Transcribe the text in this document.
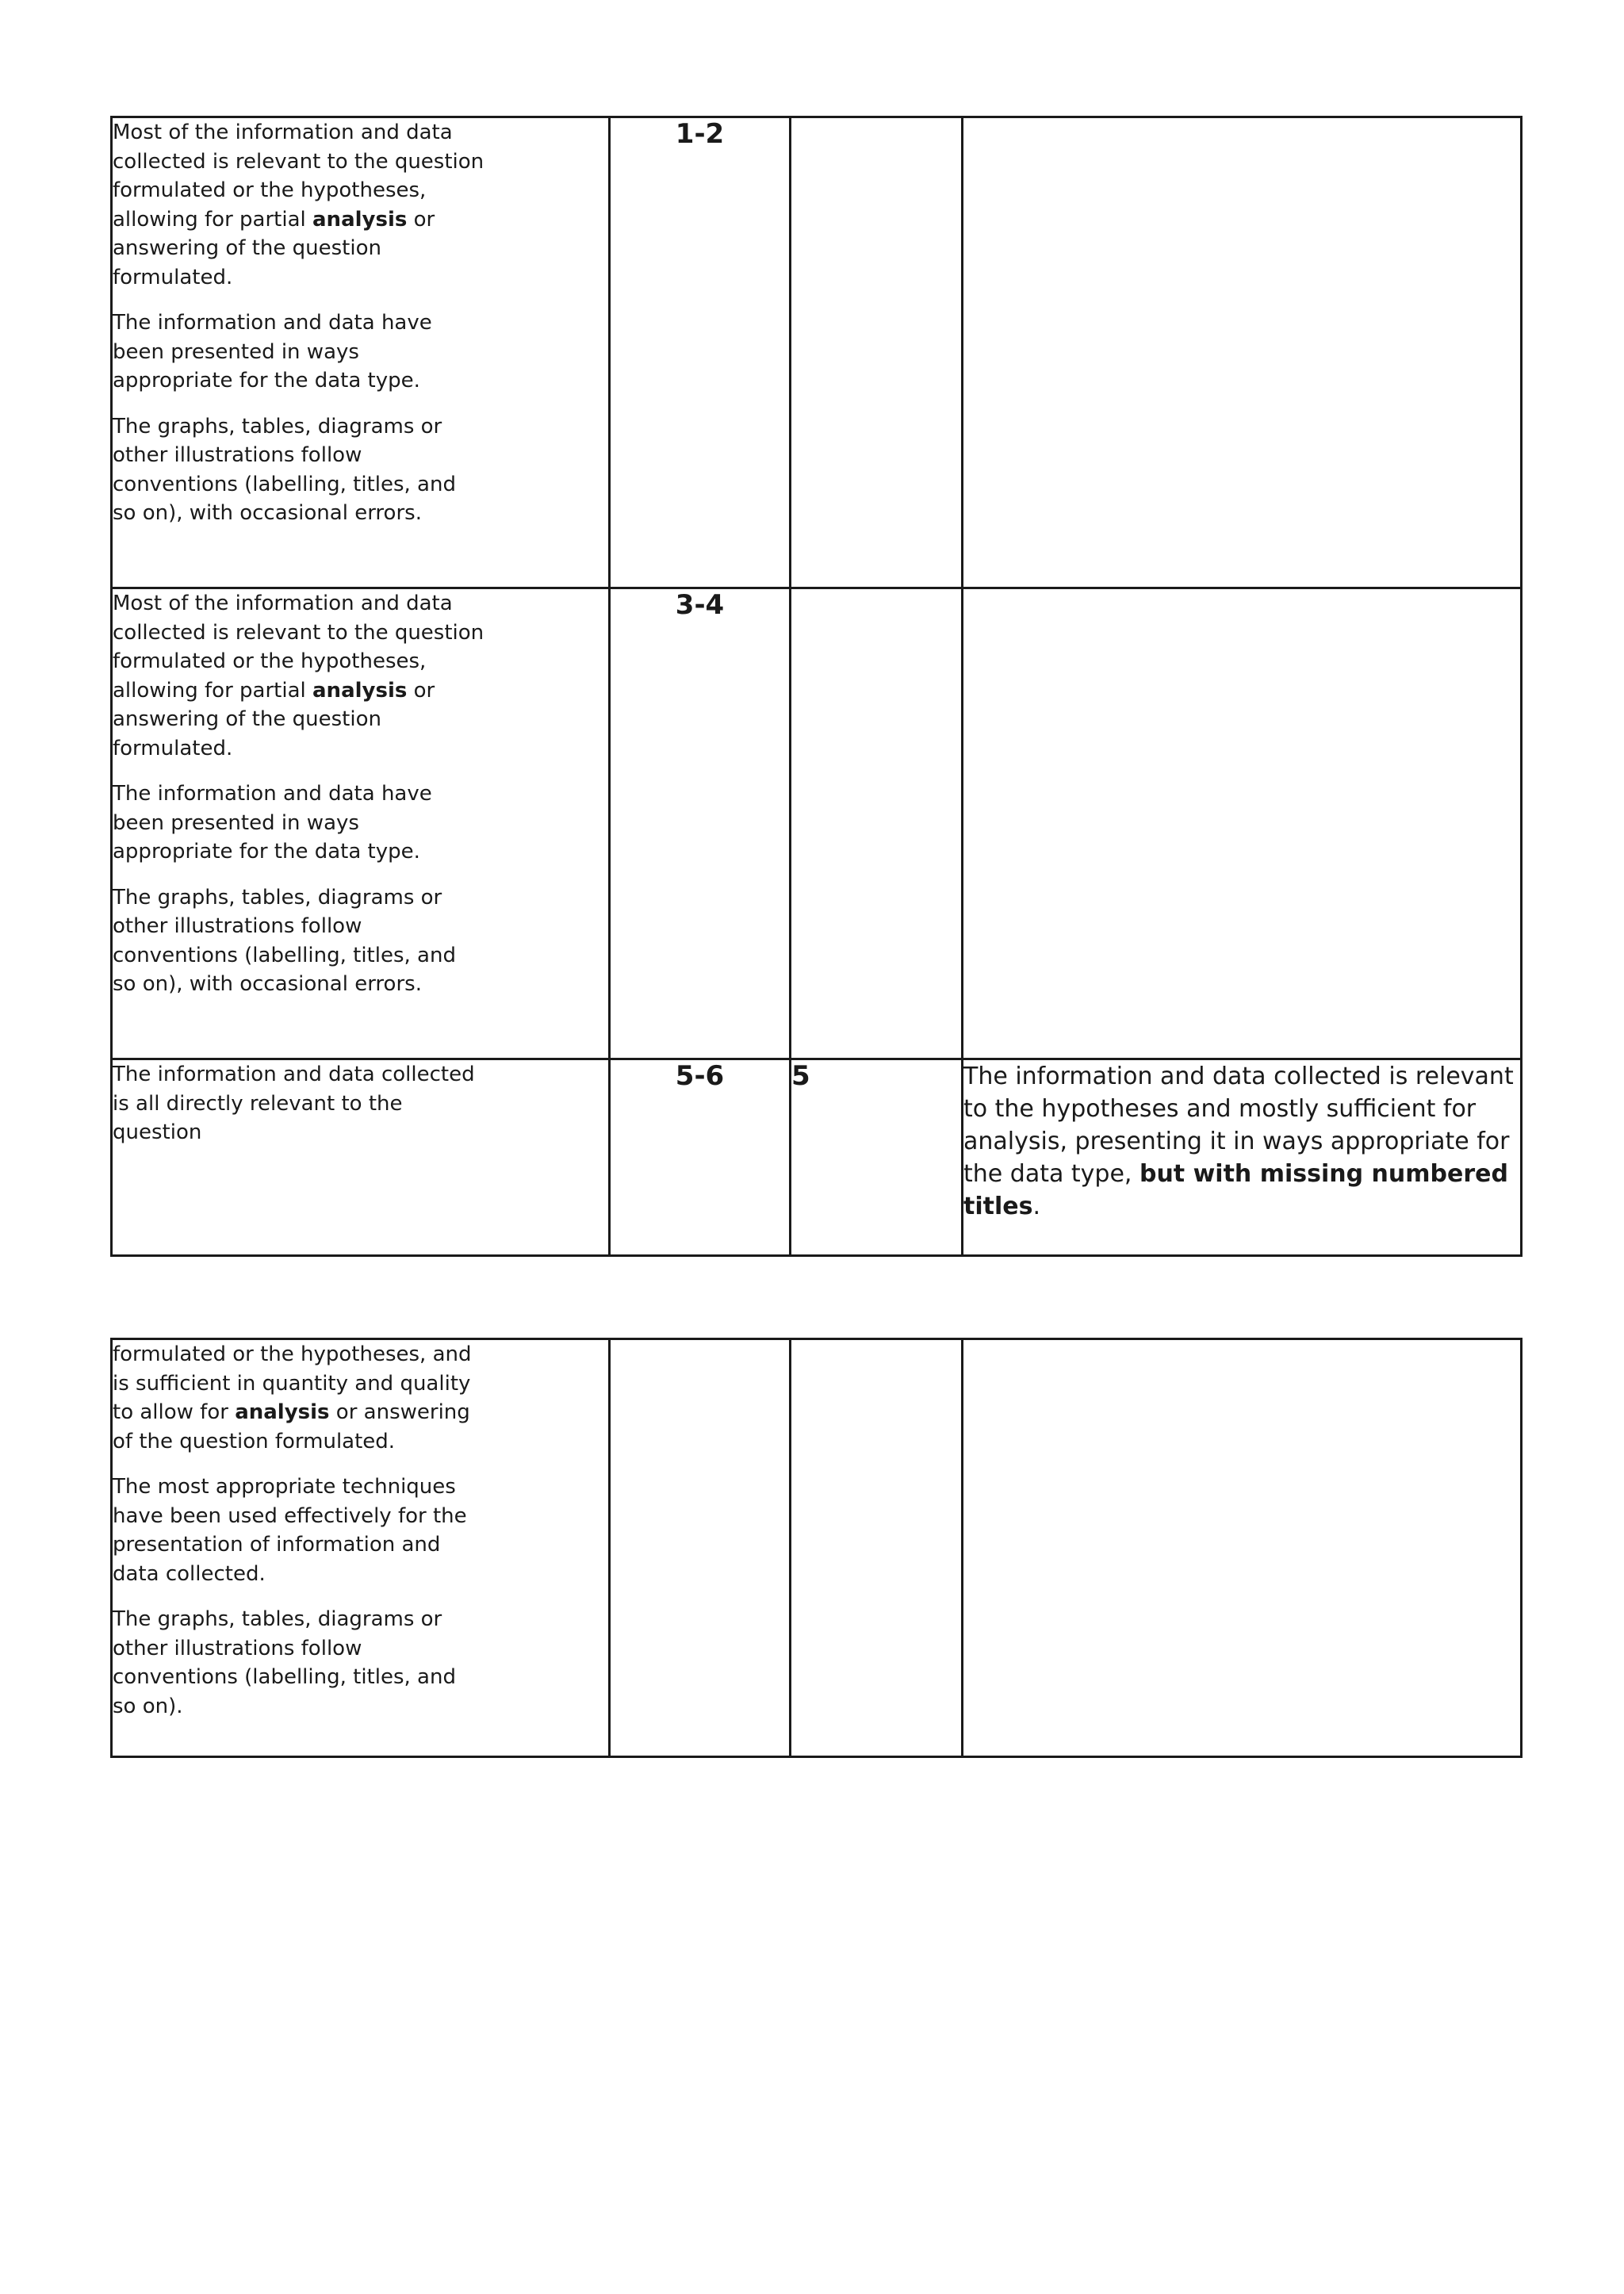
Most of the information and data collected is relevant to the question formulated or the hypotheses, allowing for partial analysis or answering of the question formulated.

The information and data have been presented in ways appropriate for the data type.

The graphs, tables, diagrams or other illustrations follow conventions (labelling, titles, and so on), with occasional errors.	1-2		

Most of the information and data collected is relevant to the question formulated or the hypotheses, allowing for partial analysis or answering of the question formulated.

The information and data have been presented in ways appropriate for the data type.

The graphs, tables, diagrams or other illustrations follow conventions (labelling, titles, and so on), with occasional errors.	3-4		

The information and data collected is all directly relevant to the question	5-6	5	The information and data collected is relevant to the hypotheses and mostly sufficient for analysis, presenting it in ways appropriate for the data type, but with missing numbered titles.

formulated or the hypotheses, and is sufficient in quantity and quality to allow for analysis or answering of the question formulated.

The most appropriate techniques have been used effectively for the presentation of information and data collected.

The graphs, tables, diagrams or other illustrations follow conventions (labelling, titles, and so on).
